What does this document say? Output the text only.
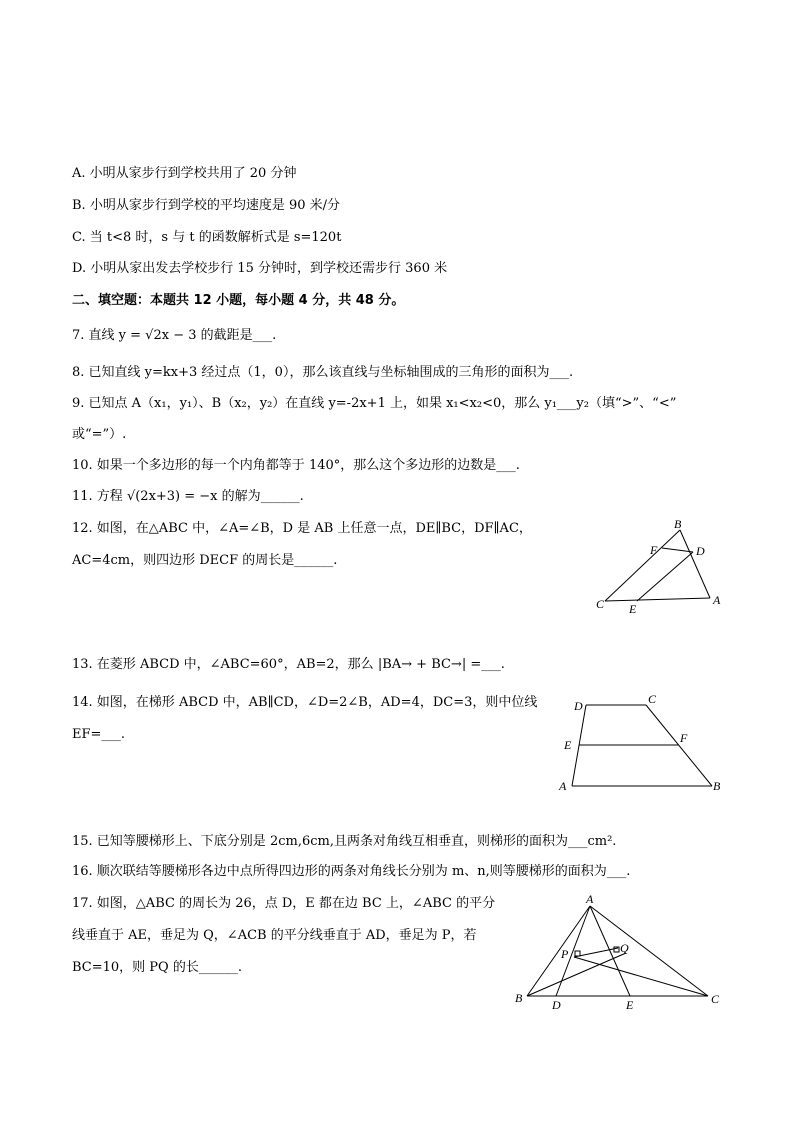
A. 小明从家步行到学校共用了 20 分钟
B. 小明从家步行到学校的平均速度是 90 米/分
C. 当 t<8 时，s 与 t 的函数解析式是 s=120t
D. 小明从家出发去学校步行 15 分钟时，到学校还需步行 360 米
二、填空题：本题共 12 小题，每小题 4 分，共 48 分。
7. 直线 y = √2x − 3 的截距是___.
8. 已知直线 y=kx+3 经过点（1，0），那么该直线与坐标轴围成的三角形的面积为___.
9. 已知点 A（x₁，y₁）、B（x₂，y₂）在直线 y=-2x+1 上，如果 x₁<x₂<0，那么 y₁___y₂（填“>”、“<”
或“=”）.
10. 如果一个多边形的每一个内角都等于 140°，那么这个多边形的边数是___.
11. 方程 √(2x+3) = −x 的解为______.
12. 如图，在△ABC 中，∠A=∠B，D 是 AB 上任意一点，DE∥BC，DF∥AC，
AC=4cm，则四边形 DECF 的周长是______.
B
F	D
C E
A
13. 在菱形 ABCD 中，∠ABC=60°，AB=2，那么 |BA→ + BC→| =___.
14. 如图，在梯形 ABCD 中，AB∥CD，∠D=2∠B，AD=4，DC=3，则中位线
EF=___.
D	C
E	F
A	B
15. 已知等腰梯形上、下底分别是 2cm,6cm,且两条对角线互相垂直，则梯形的面积为___cm².
16. 顺次联结等腰梯形各边中点所得四边形的两条对角线长分别为 m、n,则等腰梯形的面积为___.
17. 如图，△ABC 的周长为 26，点 D，E 都在边 BC 上，∠ABC 的平分
线垂直于 AE，垂足为 Q，∠ACB 的平分线垂直于 AD，垂足为 P，若
BC=10，则 PQ 的长______.
A
P	Q
B D	E	C
